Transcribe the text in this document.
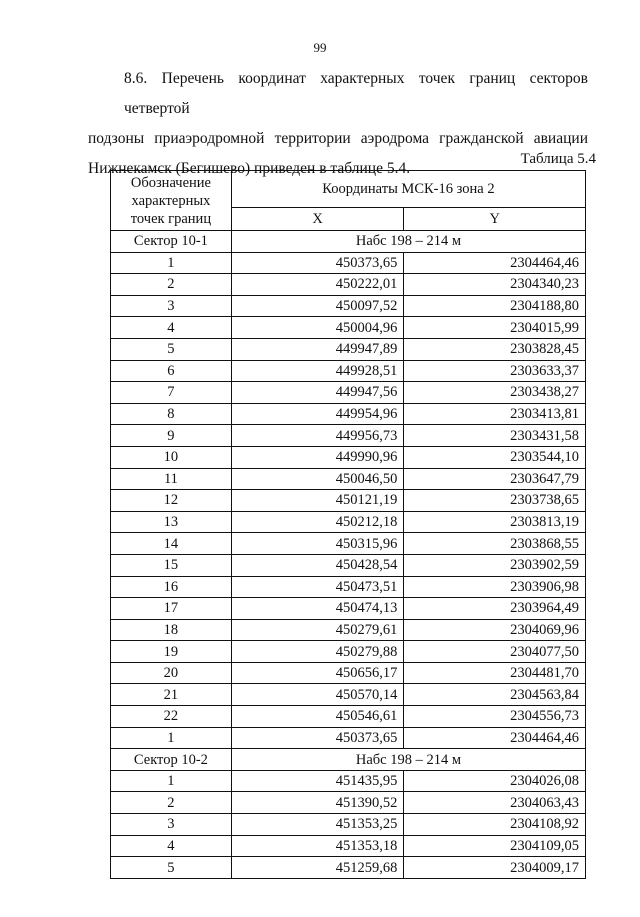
99
8.6. Перечень координат характерных точек границ секторов четвертой
подзоны приаэродромной территории аэродрома гражданской авиации
Нижнекамск (Бегишево) приведен в таблице 5.4.
Таблица 5.4
Обозначение характерных точек границ	Координаты МСК-16 зона 2	
	X	Y
Сектор 10-1	Набс 198 – 214 м	
1	450373,65	2304464,46
2	450222,01	2304340,23
3	450097,52	2304188,80
4	450004,96	2304015,99
5	449947,89	2303828,45
6	449928,51	2303633,37
7	449947,56	2303438,27
8	449954,96	2303413,81
9	449956,73	2303431,58
10	449990,96	2303544,10
11	450046,50	2303647,79
12	450121,19	2303738,65
13	450212,18	2303813,19
14	450315,96	2303868,55
15	450428,54	2303902,59
16	450473,51	2303906,98
17	450474,13	2303964,49
18	450279,61	2304069,96
19	450279,88	2304077,50
20	450656,17	2304481,70
21	450570,14	2304563,84
22	450546,61	2304556,73
1	450373,65	2304464,46
Сектор 10-2	Набс 198 – 214 м	
1	451435,95	2304026,08
2	451390,52	2304063,43
3	451353,25	2304108,92
4	451353,18	2304109,05
5	451259,68	2304009,17
